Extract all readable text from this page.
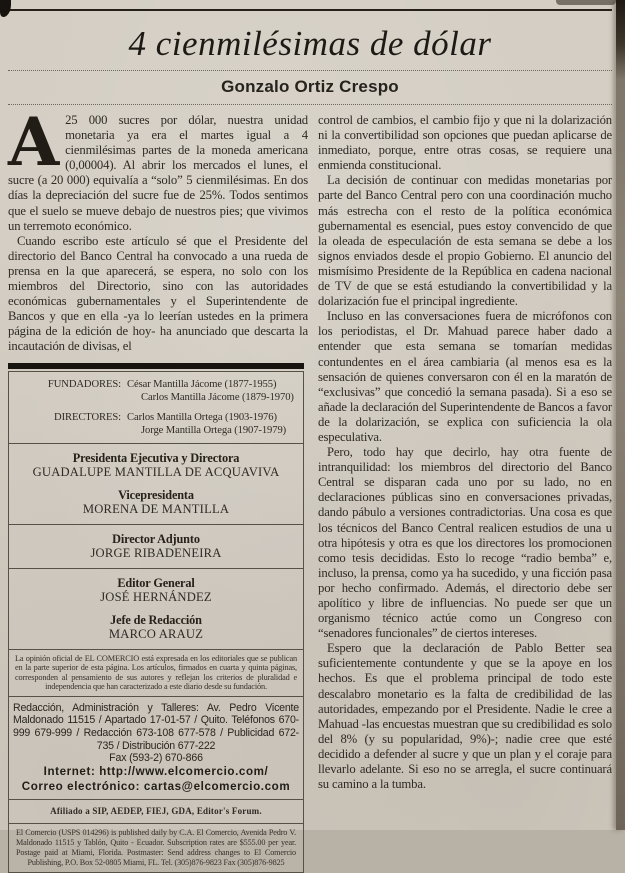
4 cienmilésimas de dólar
Gonzalo Ortiz Crespo

A 25 000 sucres por dólar, nuestra unidad monetaria ya era el martes igual a 4 cienmilésimas partes de la moneda americana (0,00004). Al abrir los mercados el lunes, el sucre (a 20 000) equivalía a “solo” 5 cienmilésimas. En dos días la depreciación del sucre fue de 25%. Todos sentimos que el suelo se mueve debajo de nuestros pies; que vivimos un terremoto económico.

Cuando escribo este artículo sé que el Presidente del directorio del Banco Central ha convocado a una rueda de prensa en la que aparecerá, se espera, no solo con los miembros del Directorio, sino con las autoridades económicas gubernamentales y el Superintendente de Bancos y que en ella -ya lo leerían ustedes en la primera página de la edición de hoy- ha anunciado que descarta la incautación de divisas, el

FUNDADORES: César Mantilla Jácome (1877-1955)
Carlos Mantilla Jácome (1879-1970)
DIRECTORES: Carlos Mantilla Ortega (1903-1976)
Jorge Mantilla Ortega (1907-1979)
Presidenta Ejecutiva y Directora
GUADALUPE MANTILLA DE ACQUAVIVA
Vicepresidenta
MORENA DE MANTILLA
Director Adjunto
JORGE RIBADENEIRA
Editor General
JOSÉ HERNÁNDEZ
Jefe de Redacción
MARCO ARAUZ
La opinión oficial de EL COMERCIO está expresada en los editoriales que se publican en la parte superior de esta página. Los artículos, firmados en cuarta y quinta páginas, corresponden al pensamiento de sus autores y reflejan los criterios de pluralidad e independencia que han caracterizado a este diario desde su fundación.
Redacción, Administración y Talleres: Av. Pedro Vicente Maldonado 11515 / Apartado 17-01-57 / Quito. Teléfonos 670-999 679-999 / Redacción 673-108 677-578 / Publicidad 672-735 / Distribución 677-222
Fax (593-2) 670-866
Internet: http://www.elcomercio.com/
Correo electrónico: cartas@elcomercio.com
Afiliado a SIP, AEDEP, FIEJ, GDA, Editor's Forum.
El Comercio (USPS 014296) is published daily by C.A. El Comercio, Avenida Pedro V. Maldonado 11515 y Tablón, Quito - Ecuador. Subscription rates are $555.00 per year. Postage paid at Miami, Florida. Postmaster: Send address changes to El Comercio Publishing, P.O. Box 52-0805 Miami, FL. Tel. (305)876-9823 Fax (305)876-9825

control de cambios, el cambio fijo y que ni la dolarización ni la convertibilidad son opciones que puedan aplicarse de inmediato, porque, entre otras cosas, se requiere una enmienda constitucional.

La decisión de continuar con medidas monetarias por parte del Banco Central pero con una coordinación mucho más estrecha con el resto de la política económica gubernamental es esencial, pues estoy convencido de que la oleada de especulación de esta semana se debe a los signos enviados desde el propio Gobierno. El anuncio del mismísimo Presidente de la República en cadena nacional de TV de que se está estudiando la convertibilidad y la dolarización fue el principal ingrediente.

Incluso en las conversaciones fuera de micrófonos con los periodistas, el Dr. Mahuad parece haber dado a entender que esta semana se tomarían medidas contundentes en el área cambiaria (al menos esa es la sensación de quienes conversaron con él en la maratón de “exclusivas” que concedió la semana pasada). Si a eso se añade la declaración del Superintendente de Bancos a favor de la dolarización, se explica con suficiencia la ola especulativa.

Pero, todo hay que decirlo, hay otra fuente de intranquilidad: los miembros del directorio del Banco Central se disparan cada uno por su lado, no en declaraciones públicas sino en conversaciones privadas, dando pábulo a versiones contradictorias. Una cosa es que los técnicos del Banco Central realicen estudios de una u otra hipótesis y otra es que los directores los promocionen como tesis decididas. Esto lo recoge “radio bemba” e, incluso, la prensa, como ya ha sucedido, y una ficción pasa por hecho confirmado. Además, el directorio debe ser apolítico y libre de influencias. No puede ser que un organismo técnico actúe como un Congreso con “senadores funcionales” de ciertos intereses.

Espero que la declaración de Pablo Better sea suficientemente contundente y que se la apoye en los hechos. Es que el problema principal de todo este descalabro monetario es la falta de credibilidad de las autoridades, empezando por el Presidente. Nadie le cree a Mahuad -las encuestas muestran que su credibilidad es solo del 8% (y su popularidad, 9%)-; nadie cree que esté decidido a defender al sucre y que un plan y el coraje para llevarlo adelante. Si eso no se arregla, el sucre continuará su camino a la tumba.
